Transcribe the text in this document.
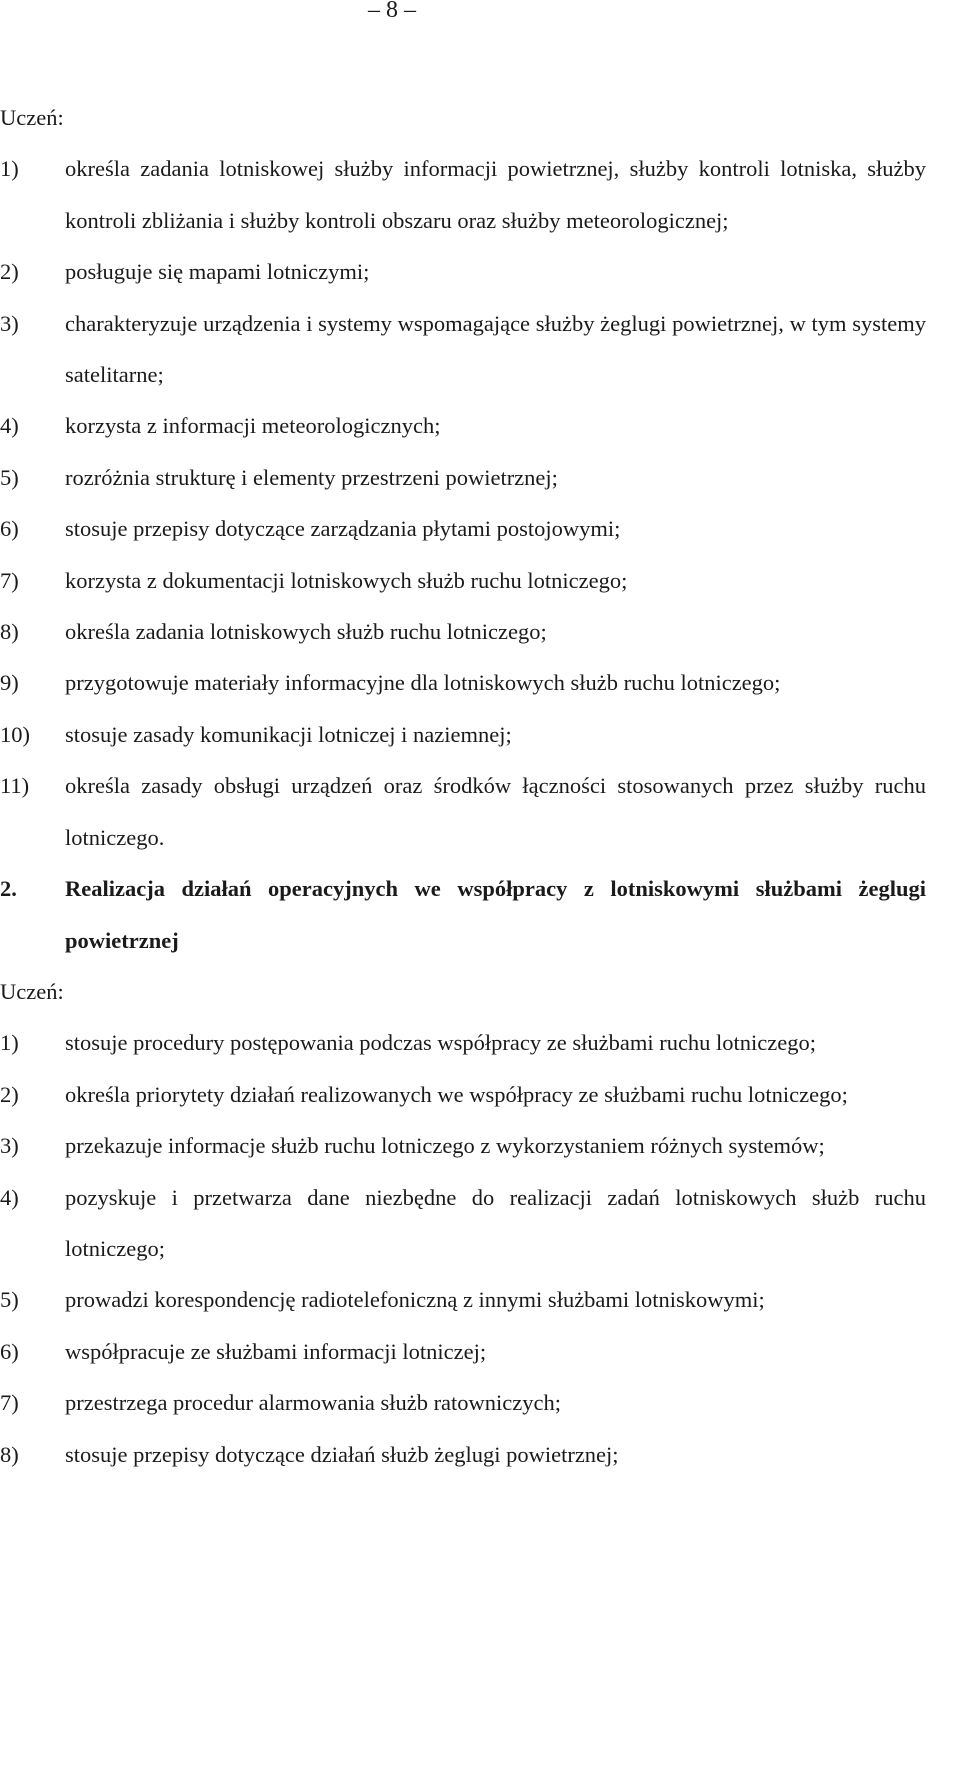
– 8 –
Uczeń:
1)	określa zadania lotniskowej służby informacji powietrznej, służby kontroli lotniska, służby kontroli zbliżania i służby kontroli obszaru oraz służby meteorologicznej;
2)	posługuje się mapami lotniczymi;
3)	charakteryzuje urządzenia i systemy wspomagające służby żeglugi powietrznej, w tym systemy satelitarne;
4)	korzysta z informacji meteorologicznych;
5)	rozróżnia strukturę i elementy przestrzeni powietrznej;
6)	stosuje przepisy dotyczące zarządzania płytami postojowymi;
7)	korzysta z dokumentacji lotniskowych służb ruchu lotniczego;
8)	określa zadania lotniskowych służb ruchu lotniczego;
9)	przygotowuje materiały informacyjne dla lotniskowych służb ruchu lotniczego;
10)	stosuje zasady komunikacji lotniczej i naziemnej;
11)	określa zasady obsługi urządzeń oraz środków łączności stosowanych przez służby ruchu lotniczego.
2.	Realizacja działań operacyjnych we współpracy z lotniskowymi służbami żeglugi powietrznej
Uczeń:
1)	stosuje procedury postępowania podczas współpracy ze służbami ruchu lotniczego;
2)	określa priorytety działań realizowanych we współpracy ze służbami ruchu lotniczego;
3)	przekazuje informacje służb ruchu lotniczego z wykorzystaniem różnych systemów;
4)	pozyskuje i przetwarza dane niezbędne do realizacji zadań lotniskowych służb ruchu lotniczego;
5)	prowadzi korespondencję radiotelefoniczną z innymi służbami lotniskowymi;
6)	współpracuje ze służbami informacji lotniczej;
7)	przestrzega procedur alarmowania służb ratowniczych;
8)	stosuje przepisy dotyczące działań służb żeglugi powietrznej;
